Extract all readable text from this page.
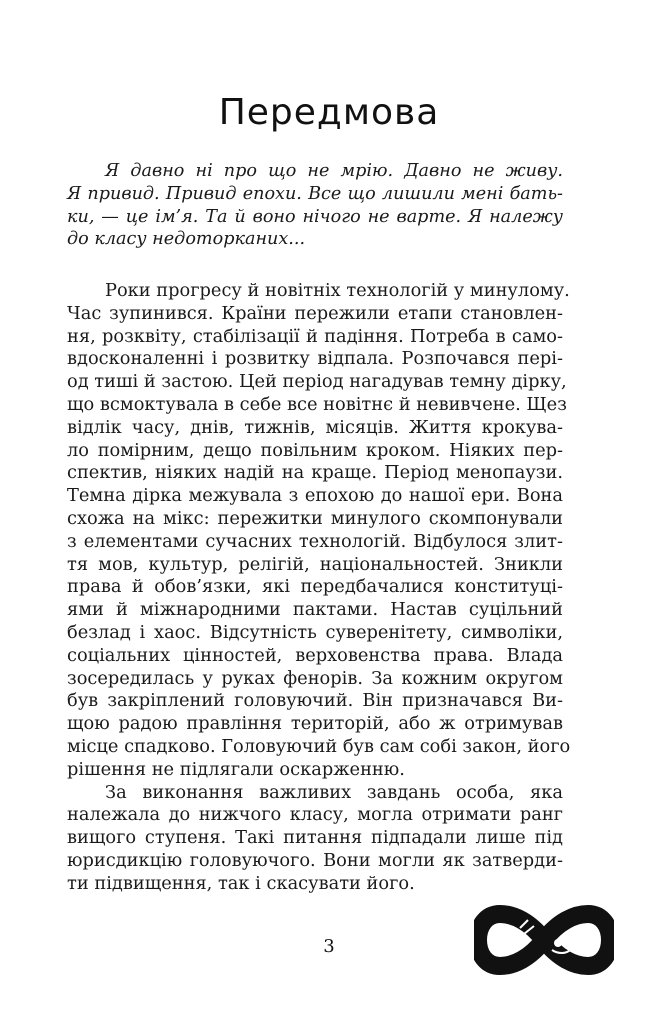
Передмова
Я давно ні про що не мрію. Давно не живу.
Я привид. Привид епохи. Все що лишили мені бать-
ки, — це ім’я. Та й воно нічого не варте. Я належу
до класу недоторканих...
Роки прогресу й новітніх технологій у минулому.
Час зупинився. Країни пережили етапи становлен-
ня, розквіту, стабілізації й падіння. Потреба в само-
вдосконаленні і розвитку відпала. Розпочався пері-
од тиші й застою. Цей період нагадував темну дірку,
що всмоктувала в себе все новітнє й невивчене. Щез
відлік часу, днів, тижнів, місяців. Життя крокува-
ло помірним, дещо повільним кроком. Ніяких пер-
спектив, ніяких надій на краще. Період менопаузи.
Темна дірка межувала з епохою до нашої ери. Вона
схожа на мікс: пережитки минулого скомпонували
з елементами сучасних технологій. Відбулося злит-
тя мов, культур, релігій, національностей. Зникли
права й обов’язки, які передбачалися конституці-
ями й міжнародними пактами. Настав суцільний
безлад і хаос. Відсутність суверенітету, символіки,
соціальних цінностей, верховенства права. Влада
зосередилась у руках фенорів. За кожним округом
був закріплений головуючий. Він призначався Ви-
щою радою правління територій, або ж отримував
місце спадково. Головуючий був сам собі закон, його
рішення не підлягали оскарженню.
За виконання важливих завдань особа, яка
належала до нижчого класу, могла отримати ранг
вищого ступеня. Такі питання підпадали лише під
юрисдикцію головуючого. Вони могли як затверди-
ти підвищення, так і скасувати його.
3
